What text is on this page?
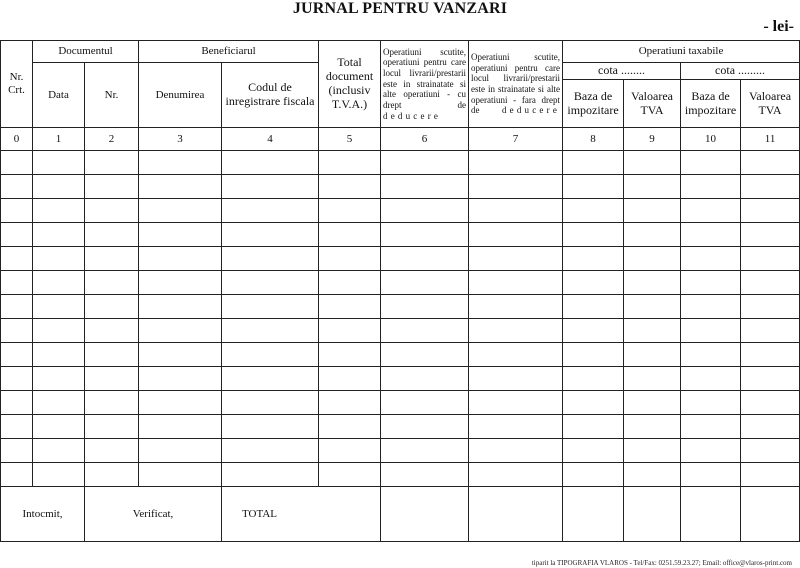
JURNAL PENTRU VANZARI
- lei-
Nr. Crt.	Documentul		Beneficiarul		Total document (inclusiv T.V.A.)	Operatiuni scutite, operatiuni pentru care locul livrarii/prestarii este in strainatate si alte operatiuni - cu drept de deducere	Operatiuni scutite, operatiuni pentru care locul livrarii/prestarii este in strainatate si alte operatiuni - fara drept de deducere	Operatiuni taxabile			
	Data	Nr.	Denumirea	Codul de inregistrare fiscala				cota ........		cota .........	
								Baza de impozitare	Valoarea TVA	Baza de impozitare	Valoarea TVA
0	1	2	3	4	5	6	7	8	9	10	11

Intocmit,		Verificat,		TOTAL							
tiparit la TIPOGRAFIA VLAROS - Tel/Fax: 0251.59.23.27; Email: office@vlaros-print.com
